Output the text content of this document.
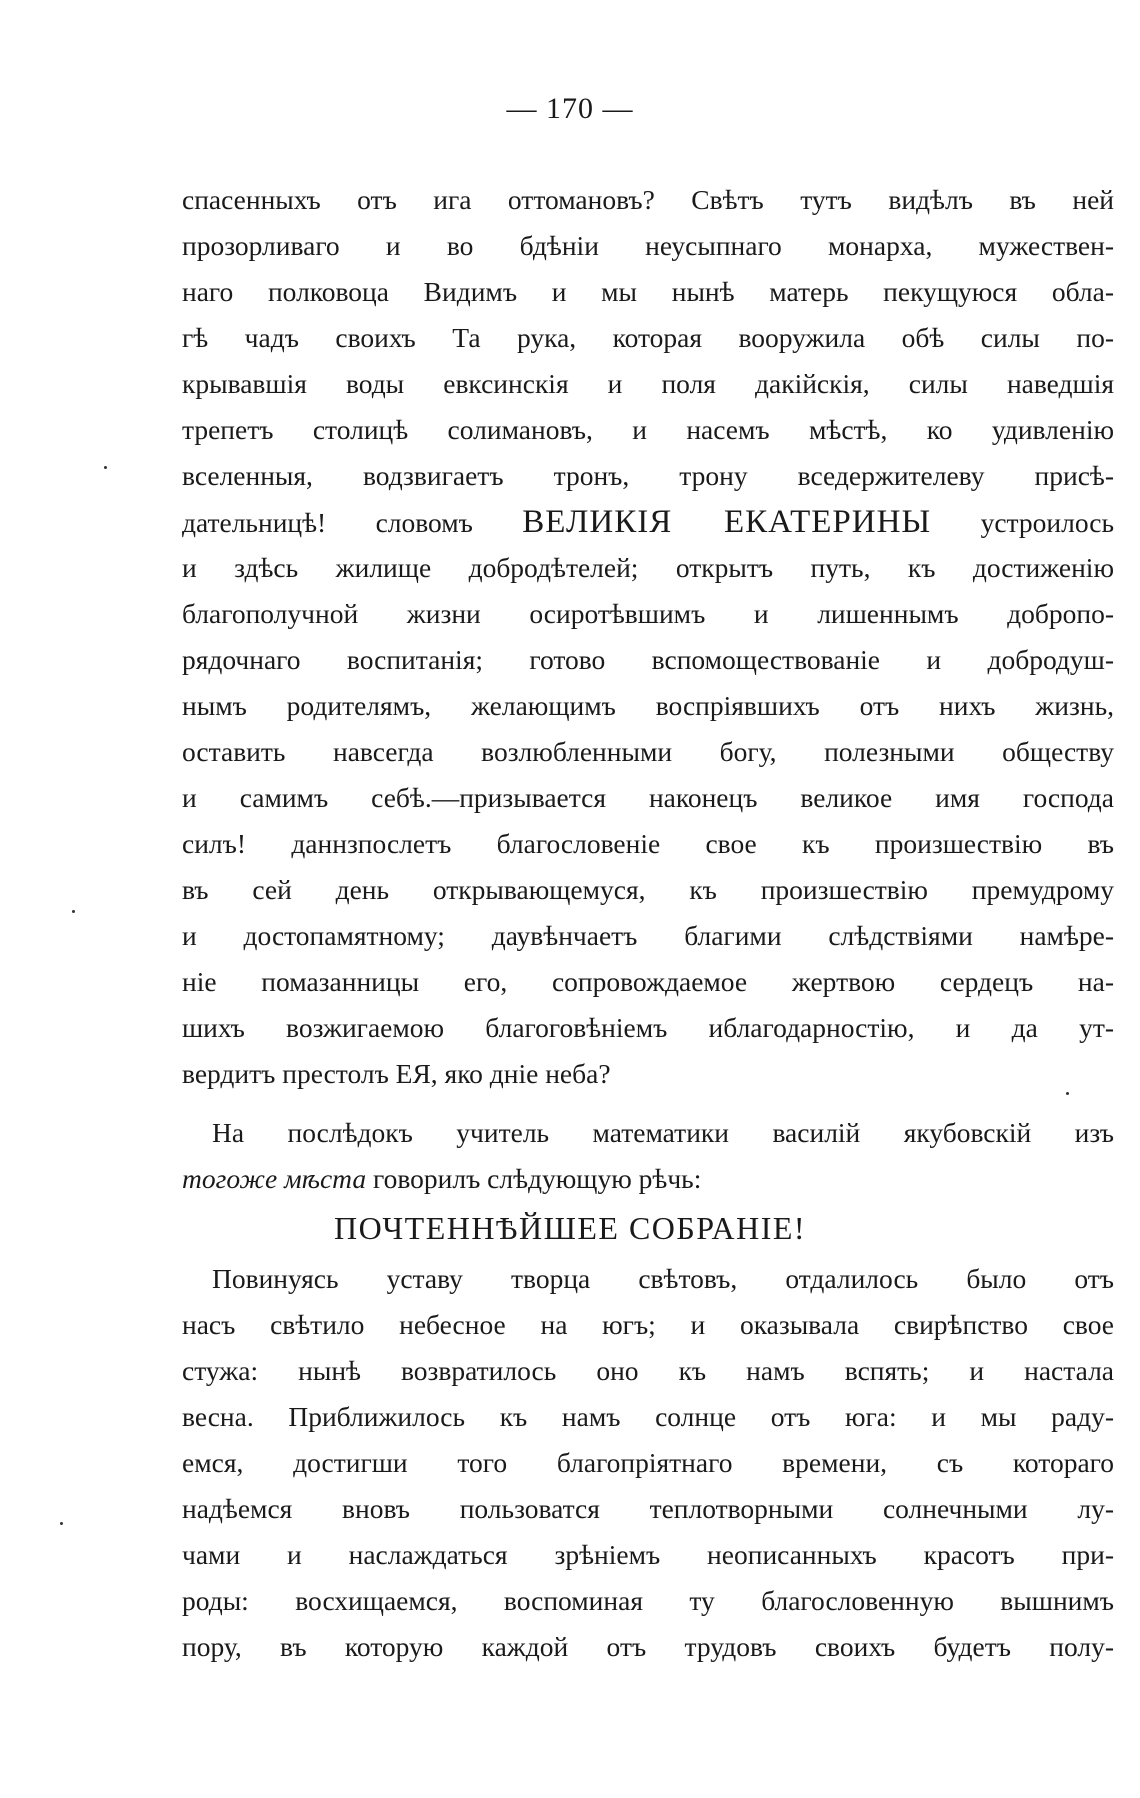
— 170 —
спасенныхъ отъ ига оттомановъ? Свѣтъ тутъ видѣлъ въ ней
прозорливаго и во бдѣнiи неусыпнаго монарха, мужествен-
наго полковоца Видимъ и мы нынѣ матерь пекущуюся обла-
гѣ чадъ своихъ Та рука, которая вооружила обѣ силы по-
крывавшiя воды евксинскiя и поля дакiйскiя, силы наведшiя
трепетъ столицѣ солимановъ, и насемъ мѣстѣ, ко удивленiю
вселенныя, водзвигаетъ тронъ, трону вседержителеву присѣ-
дательницѣ! словомъ ВЕЛИКIЯ ЕКАТЕРИНЫ устроилось
и здѣсь жилище добродѣтелей; открытъ путь, къ достиженiю
благополучной жизни осиротѣвшимъ и лишеннымъ добропо-
рядочнаго воспитанiя; готово вспомоществованiе и добродуш-
нымъ родителямъ, желающимъ воспрiявшихъ отъ нихъ жизнь,
оставить навсегда возлюбленными богу, полезными обществу
и самимъ себѣ.—призывается наконецъ великое имя господа
силъ! даннзпослетъ благословенiе свое къ произшествiю въ
въ сей день открывающемуся, къ произшествiю премудрому
и достопамятному; даувѣнчаетъ благими слѣдствiями намѣре-
нiе помазанницы его, сопровождаемое жертвою сердецъ на-
шихъ возжигаемою благоговѣнiемъ иблагодарностiю, и да ут-
вердитъ престолъ ЕЯ, яко днiе неба?
На послѣдокъ учитель математики василiй якубовскiй изъ
тогожe мѣста говорилъ слѣдующую рѣчь:
ПОЧТЕННѢЙШЕЕ СОБРАНIЕ!
Повинуясь уставу творца свѣтовъ, отдалилось было отъ
насъ свѣтило небесное на югъ; и оказывала свирѣпство свое
стужа: нынѣ возвратилось оно къ намъ вспять; и настала
весна. Приближилось къ намъ солнце отъ юга: и мы раду-
емся, достигши того благопрiятнаго времени, съ котораго
надѣемся вновъ пользоватся теплотворными солнечными лу-
чами и наслаждаться зрѣнiемъ неописанныхъ красотъ при-
роды: восхищаемся, воспоминая ту благословенную вышнимъ
пору, въ которую каждой отъ трудовъ своихъ будетъ полу-
